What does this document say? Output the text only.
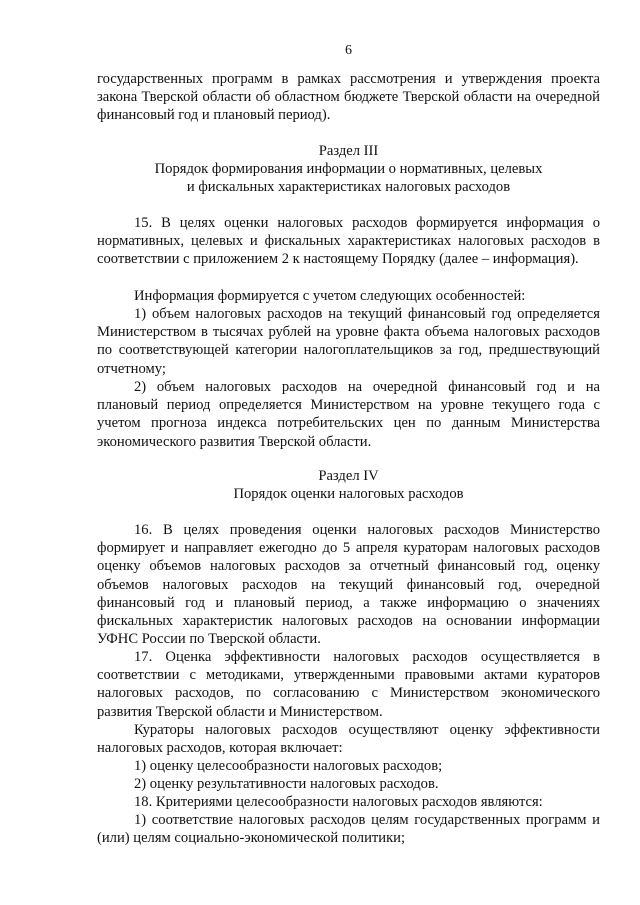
6

государственных программ в рамках рассмотрения и утверждения проекта закона Тверской области об областном бюджете Тверской области на очередной финансовый год и плановый период).

Раздел III

Порядок формирования информации о нормативных, целевых

и фискальных характеристиках налоговых расходов

15. В целях оценки налоговых расходов формируется информация о нормативных, целевых и фискальных характеристиках налоговых расходов в соответствии с приложением 2 к настоящему Порядку (далее – информация).

Информация формируется с учетом следующих особенностей:

1) объем налоговых расходов на текущий финансовый год определяется Министерством в тысячах рублей на уровне факта объема налоговых расходов по соответствующей категории налогоплательщиков за год, предшествующий отчетному;

2) объем налоговых расходов на очередной финансовый год и на плановый период определяется Министерством на уровне текущего года с учетом прогноза индекса потребительских цен по данным Министерства экономического развития Тверской области.

Раздел IV

Порядок оценки налоговых расходов

16. В целях проведения оценки налоговых расходов Министерство формирует и направляет ежегодно до 5 апреля кураторам налоговых расходов оценку объемов налоговых расходов за отчетный финансовый год, оценку объемов налоговых расходов на текущий финансовый год, очередной финансовый год и плановый период, а также информацию о значениях фискальных характеристик налоговых расходов на основании информации УФНС России по Тверской области.

17. Оценка эффективности налоговых расходов осуществляется в соответствии с методиками, утвержденными правовыми актами кураторов налоговых расходов, по согласованию с Министерством экономического развития Тверской области и Министерством.

Кураторы налоговых расходов осуществляют оценку эффективности налоговых расходов, которая включает:

1) оценку целесообразности налоговых расходов;

2) оценку результативности налоговых расходов.

18. Критериями целесообразности налоговых расходов являются:

1) соответствие налоговых расходов целям государственных программ и (или) целям социально-экономической политики;
